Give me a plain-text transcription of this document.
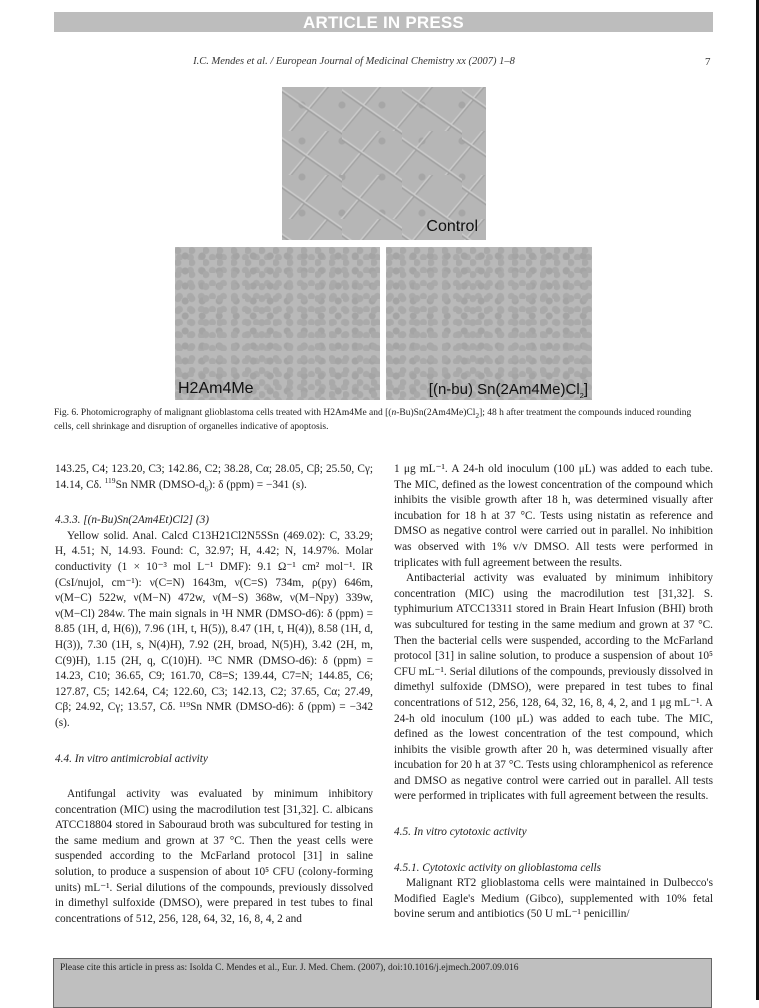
ARTICLE IN PRESS
I.C. Mendes et al. / European Journal of Medicinal Chemistry xx (2007) 1–8	7
Control
H2Am4Me	[(n-bu) $Sn(2Am4Me)Cl_2$]
Fig. 6. Photomicrography of malignant glioblastoma cells treated with H2Am4Me and $[(n-Bu)Sn(2Am4Me)Cl_2]$; 48 h after treatment the compounds induced rounding cells, cell shrinkage and disruption of organelles indicative of apoptosis.

143.25, C4; 123.20, C3; 142.86, C2; 38.28, Cα; 28.05, Cβ; 25.50, Cγ; 14.14, Cδ. $^{119}$Sn NMR $(DMSO-d_6)$: δ (ppm) = −341 (s).

4.3.3. [(n-Bu)Sn(2Am4Et)Cl2] (3)

Yellow solid. Anal. Calcd C13H21Cl2N5SSn (469.02): C, 33.29; H, 4.51; N, 14.93. Found: C, 32.97; H, 4.42; N, 14.97%. Molar conductivity (1 × 10⁻³ mol L⁻¹ DMF): 9.1 Ω⁻¹ cm² mol⁻¹. IR (CsI/nujol, cm⁻¹): ν(C=N) 1643m, ν(C=S) 734m, ρ(py) 646m, ν(M−C) 522w, ν(M−N) 472w, ν(M−S) 368w, ν(M−Npy) 339w, ν(M−Cl) 284w. The main signals in ¹H NMR (DMSO-d6): δ (ppm) = 8.85 (1H, d, H(6)), 7.96 (1H, t, H(5)), 8.47 (1H, t, H(4)), 8.58 (1H, d, H(3)), 7.30 (1H, s, N(4)H), 7.92 (2H, broad, N(5)H), 3.42 (2H, m, C(9)H), 1.15 (2H, q, C(10)H). ¹³C NMR (DMSO-d6): δ (ppm) = 14.23, C10; 36.65, C9; 161.70, C8=S; 139.44, C7=N; 144.85, C6; 127.87, C5; 142.64, C4; 122.60, C3; 142.13, C2; 37.65, Cα; 27.49, Cβ; 24.92, Cγ; 13.57, Cδ. ¹¹⁹Sn NMR (DMSO-d6): δ (ppm) = −342 (s).

4.4. In vitro antimicrobial activity

Antifungal activity was evaluated by minimum inhibitory concentration (MIC) using the macrodilution test [31,32]. C. albicans ATCC18804 stored in Sabouraud broth was subcultured for testing in the same medium and grown at 37 °C. Then the yeast cells were suspended according to the McFarland protocol [31] in saline solution, to produce a suspension of about 10⁵ CFU (colony-forming units) mL⁻¹. Serial dilutions of the compounds, previously dissolved in dimethyl sulfoxide (DMSO), were prepared in test tubes to final concentrations of 512, 256, 128, 64, 32, 16, 8, 4, 2 and

1 μg mL⁻¹. A 24-h old inoculum (100 μL) was added to each tube. The MIC, defined as the lowest concentration of the compound which inhibits the visible growth after 18 h, was determined visually after incubation for 18 h at 37 °C. Tests using nistatin as reference and DMSO as negative control were carried out in parallel. No inhibition was observed with 1% v/v DMSO. All tests were performed in triplicates with full agreement between the results.

Antibacterial activity was evaluated by minimum inhibitory concentration (MIC) using the macrodilution test [31,32]. S. typhimurium ATCC13311 stored in Brain Heart Infusion (BHI) broth was subcultured for testing in the same medium and grown at 37 °C. Then the bacterial cells were suspended, according to the McFarland protocol [31] in saline solution, to produce a suspension of about 10⁵ CFU mL⁻¹. Serial dilutions of the compounds, previously dissolved in dimethyl sulfoxide (DMSO), were prepared in test tubes to final concentrations of 512, 256, 128, 64, 32, 16, 8, 4, 2, and 1 μg mL⁻¹. A 24-h old inoculum (100 μL) was added to each tube. The MIC, defined as the lowest concentration of the test compound, which inhibits the visible growth after 20 h, was determined visually after incubation for 20 h at 37 °C. Tests using chloramphenicol as reference and DMSO as negative control were carried out in parallel. All tests were performed in triplicates with full agreement between the results.

4.5. In vitro cytotoxic activity

4.5.1. Cytotoxic activity on glioblastoma cells

Malignant RT2 glioblastoma cells were maintained in Dulbecco's Modified Eagle's Medium (Gibco), supplemented with 10% fetal bovine serum and antibiotics (50 U mL⁻¹ penicillin/

Please cite this article in press as: Isolda C. Mendes et al., Eur. J. Med. Chem. (2007), doi:10.1016/j.ejmech.2007.09.016
